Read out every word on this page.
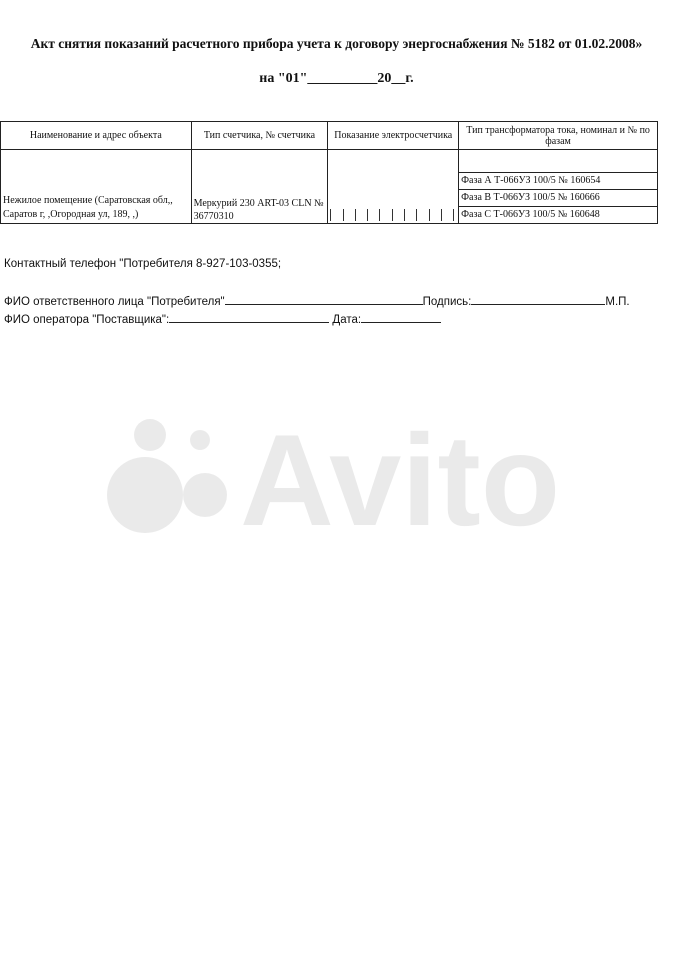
Акт снятия показаний расчетного прибора учета к договору энергоснабжения № 5182 от 01.02.2008»
на "01"__________20__г.
Наименование и адрес объекта	Тип счетчика, № счетчика	Показание электросчетчика	Тип трансформатора тока, номинал и № по фазам
Нежилое помещение (Саратовская обл,, Саратов г, ,Огородная ул, 189, ,)	Меркурий 230 ART-03 CLN № 36770310		Фаза А Т-066УЗ 100/5 № 160654
Фаза В Т-066УЗ 100/5 № 160666
Фаза С Т-066УЗ 100/5 № 160648
Контактный телефон "Потребителя 8-927-103-0355;
ФИО ответственного лица "Потребителя"	Подпись:	М.П.
ФИО оператора "Поставщика":	Дата:
Avito
